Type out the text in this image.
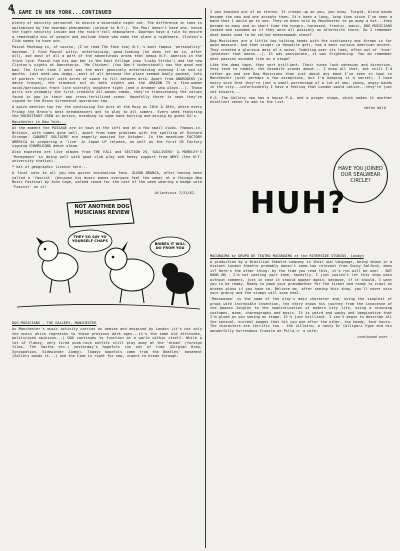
4
A GAME IN NEW YORK...CONTINUED
plenty of security personnel to ensure a miserable night out. The difference in tone is epitomised by the doorman phenomenon (unique to N.Y.). The Pep! doesn't have one, hence the tight security inside and the rock'n'roll atmosphere. Doorman have a rule to ensure a remarkable mix of people and exclude those who make the place a nightmare. Clinton's Club seems to have one.
Pascal Montaug is, of course, (I've read The Face too) N.Y.'s most famous 'personality' doorman. I find Pascal witty, entertaining, good-looking (he does let me in, after all), but most of all a part of the adventurous areas that keeps N.Y. America in the front line. Pascal has his own bar in the East Village (now 'Lucky Strike') and the new Clinton's nights at Danceteria. 'Mo Chicken' (You Don't Understand!) has the good and bad. The first time I went was the most genuinely entertaining evening I've had in months. Last week was dodgy...most of all because the place seemed badly packed, lots of punters 'stylish' with acres of space to fill between acts. Apart from ANDRONIKS (a dance troupe), the standout act on both nights was the AMAZON TV a five-woman vocal/percussion front line scarcely anywhere tight (and a drummer who plays...). Those girls are probably the first credible all-woman combo, they're transcending the values found in pop in their own cross-fertilized scene. Hopefully there is news they've signed to the Bronx Screenshot operation too.
A quick mention too for the continuing Ice acts at the Roxy on 18th & 10th, where every Friday the Bronx's best breakdancers get to play to all comers. Every week featuring the ROCKSTEADY CREW in action, breaking to some hand butting and mixing by guest DJ's.
Manchester in New York...
At the moment the PASSAGE are in town at the Left and at a few small clubs. Famous-in-Britain, with names gone well, apart from some problems with the spelling of Richard Strange. CABARET VOLTAIRE are eagerly awaited for October. In the meantime FACTORY AMERICA is preparing a 'live' in Japan LP release, as well as the first US Factory signing CHAMELEONS debut album.
Also expected are live albums from THE FALL and SECTION 25, GULLIVERS' & MORELEY'S 'Honeymoon' is doing well with good club play and heavy support from WNYC (the N.Y. university station).
* bit of geographic licence here...
A final note to all you new guitar minimalism fans. GLENN BRANCA, after having been called a 'fascist' (because his music makes everyone feel the same) at a Chicago New Music Festival by John Cage, walked round for the rest of the week wearing a badge with 'Fascist' on it!
Atlanticus 7/31/82.
NOT ANOTHER DOG MUSICIANS REVIEW
THEY SO SAY YO YOURSELF CHAPS
BRIBES IT WILL DO FROM YOU
DOG MUSICIANS - THE GALLERY, MANCHESTER
As Manchester's music activity carries on demise and despised by London (it's not only the music which regresses to these previous dark ages...it's the same old attitudes, politicised opinions...) DOG continues to function as a world within itself. While a lot of flakey, very tired punk-rock outfits still play away at the 'dread' (foreign films, The Smiths etc.) yesterday's hopefuls run out of time (Dirgian Brew, Syncopation, Sidewinder Jimmy). Todays hopefuls come from the Beatles' basement (Gallery bands it...) and the time is right for new, urgent to break through.
I was knocked out of my stereo. It creeps up on you, you know. Turgid, blind bands become the new and one accepts them. It's been a long, long time since I've seen a band that I would go to see. They've been told by Manchester to go away a bit...they became so many and in short time the hungry, harassed, frantic, manic, DOG MUSICIANS looked and sounded as if they were all possibly an afterbirth there. Do I remember what bands used to be called eeeeeaaaaah stone?
Dog Musicians are a little too talking heads with the stationary one thrown in for good measure. And that singer (a Gesodile get), has a most curious American accent. They created a glorious mess of a noise. Tumbling over its lead, often out of 'tune' (whatever that means...). It was passionate, it was frightening. You do remember what passion sounded like on a stage?
Like the demo tape, they sort brilliant. Their tunes lack cohesion and direction, they tend to ramble, the Gesodile stands about... I know all that, but still I'd rather go and see Dog Musicians than just about any band I've seen in town in Manchester (with perhaps a few exceptions, but I'm keeping it a secret). I have every such that they're just a small percentage of a lot of new, young, angry bands in the city...unfortunately I have a feeling that London would notice...they're just not kissers...
P.S. The Gallery now has a house P.A. and a proper stage, which makes it another excellent venue to add to the list.
Helen Wilk
HAVE YOU JOINED OUR SEALWEAR CIRCLE?
HUH?
MACUNAIMA by GRUPO DE TEATRO MACUNAIMA at the RIVERSIDE STUDIOS, London
A production by a Brazilian theatre company in their own language, being shown in a distant London theatre probably doesn't seem too relevant from Sunny Salford, does it? Here's the other thing: by the time you read this, it's run will be over - BUT HANG ON - I'm not wasting your time, honestly. I just couldn't let this show pass without comment, just in case it should appear again, because, if it should, I want you to be ready. Ready to pawn your grandmother for the ticket and ready to crawl on broken glass if you have to. Believe me, after seeing this show, you'll never miss your granny and the stumps will soon heal.
'Macunaima' is the name of the play's main character and, using the simplest of props with incredible invention, the story shows his journey from the innocence of the Amazon Jungles to the sophistication of modern city life, using a stunning costumes, mime, choreography and music. It is weird and wacky and imaginative that I'm glued as you seeing on stage. It's just brilliant. I can't begin to describe all the sensual, surreal images that hit you one after the other, too heady, four hours. The characters are terrific too - the villains; a nasty Dr Calligari type and his wonderfully horrendous Crumile de Pilla n' a wife;
continued over ☞
